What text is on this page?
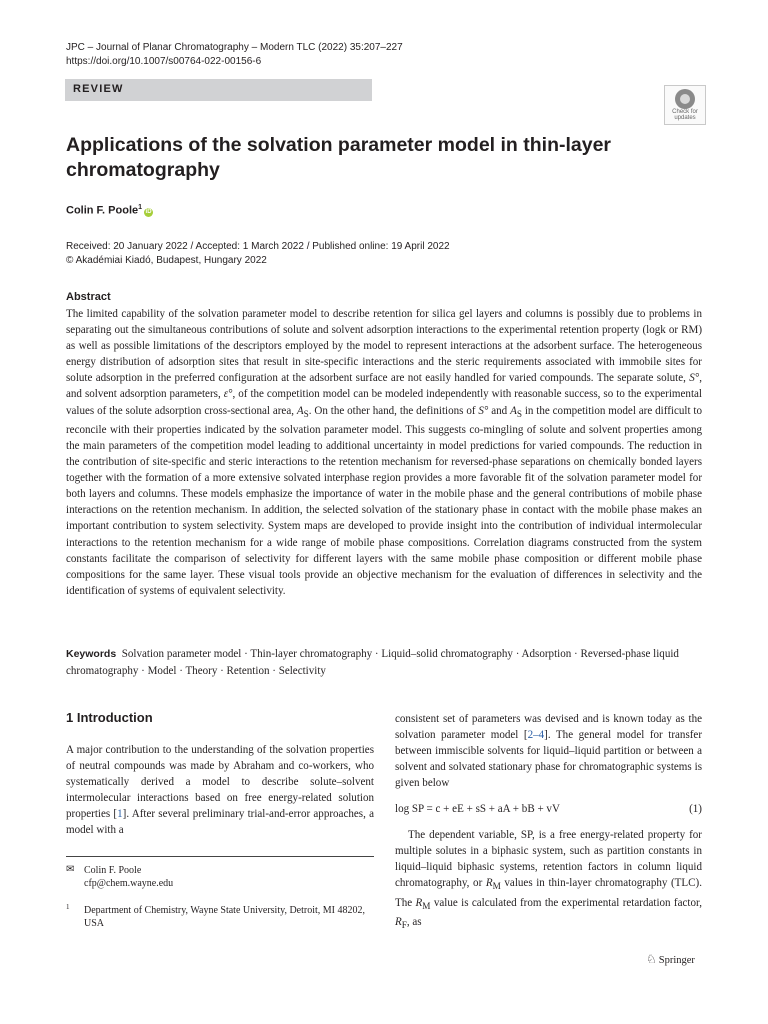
JPC – Journal of Planar Chromatography – Modern TLC (2022) 35:207–227
https://doi.org/10.1007/s00764-022-00156-6
REVIEW
Check for
updates
Applications of the solvation parameter model in thin-layer chromatography
Colin F. Poole$^1$iD
Received: 20 January 2022 / Accepted: 1 March 2022 / Published online: 19 April 2022
© Akadémiai Kiadó, Budapest, Hungary 2022
Abstract
The limited capability of the solvation parameter model to describe retention for silica gel layers and columns is possibly due to problems in separating out the simultaneous contributions of solute and solvent adsorption interactions to the experimental retention property (logk or RM) as well as possible limitations of the descriptors employed by the model to represent interactions at the adsorbent surface. The heterogeneous energy distribution of adsorption sites that result in site-specific interactions and the steric requirements associated with immobile sites for solute adsorption in the preferred configuration at the adsorbent surface are not easily handled for varied compounds. The separate solute, S°, and solvent adsorption parameters, ε°, of the competition model can be modeled independently with reasonable success, so to the experimental values of the solute adsorption cross-sectional area, $A_S$. On the other hand, the definitions of S° and $A_S$ in the competition model are difficult to reconcile with their properties indicated by the solvation parameter model. This suggests co-mingling of solute and solvent properties among the main parameters of the competition model leading to additional uncertainty in model predictions for varied compounds. The reduction in the contribution of site-specific and steric interactions to the retention mechanism for reversed-phase separations on chemically bonded layers together with the formation of a more extensive solvated interphase region provides a more favorable fit of the solvation parameter model for both layers and columns. These models emphasize the importance of water in the mobile phase and the general contributions of mobile phase interactions on the retention mechanism. In addition, the selected solvation of the stationary phase in contact with the mobile phase makes an important contribution to system selectivity. System maps are developed to provide insight into the contribution of individual intermolecular interactions to the retention mechanism for a wide range of mobile phase compositions. Correlation diagrams constructed from the system constants facilitate the comparison of selectivity for different layers with the same mobile phase composition or different mobile phase compositions for the same layer. These visual tools provide an objective mechanism for the evaluation of differences in selectivity and the identification of systems of equivalent selectivity.
Keywords Solvation parameter model · Thin-layer chromatography · Liquid–solid chromatography · Adsorption · Reversed-phase liquid chromatography · Model · Theory · Retention · Selectivity
1 Introduction
A major contribution to the understanding of the solvation properties of neutral compounds was made by Abraham and co-workers, who systematically derived a model to describe solute–solvent intermolecular interactions based on free energy-related solution properties [1]. After several preliminary trial-and-error approaches, a model with a
consistent set of parameters was devised and is known today as the solvation parameter model [2–4]. The general model for transfer between immiscible solvents for liquid–liquid partition or between a solvent and solvated stationary phase for chromatographic systems is given below
log SP = c + eE + sS + aA + bB + vV	(1)
The dependent variable, SP, is a free energy-related property for multiple solutes in a biphasic system, such as partition constants in liquid–liquid biphasic systems, retention factors in column liquid chromatography, or $R_M$ values in thin-layer chromatography (TLC). The $R_M$ value is calculated from the experimental retardation factor, $R_F$, as
✉ Colin F. Poole
cfp@chem.wayne.edu
1 Department of Chemistry, Wayne State University, Detroit, MI 48202, USA
♘ Springer
